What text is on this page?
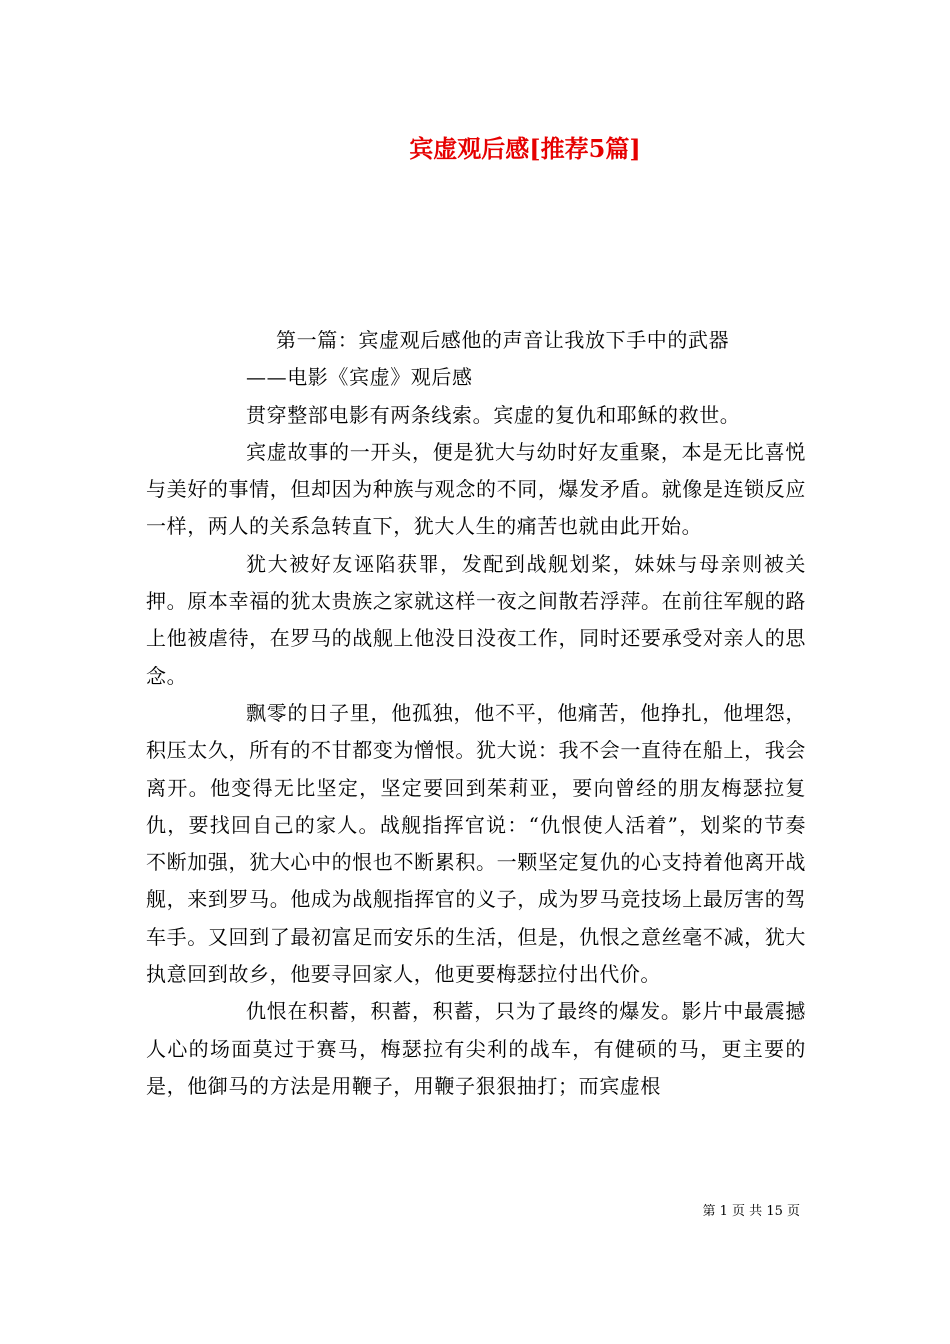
宾虚观后感[推荐5篇]

第一篇：宾虚观后感他的声音让我放下手中的武器

——电影《宾虚》观后感

贯穿整部电影有两条线索。宾虚的复仇和耶稣的救世。

宾虚故事的一开头，便是犹大与幼时好友重聚，本是无比喜悦与美好的事情，但却因为种族与观念的不同，爆发矛盾。就像是连锁反应一样，两人的关系急转直下，犹大人生的痛苦也就由此开始。

犹大被好友诬陷获罪，发配到战舰划桨，妹妹与母亲则被关押。原本幸福的犹太贵族之家就这样一夜之间散若浮萍。在前往军舰的路上他被虐待，在罗马的战舰上他没日没夜工作，同时还要承受对亲人的思念。

飘零的日子里，他孤独，他不平，他痛苦，他挣扎，他埋怨，积压太久，所有的不甘都变为憎恨。犹大说：我不会一直待在船上，我会离开。他变得无比坚定，坚定要回到茱莉亚，要向曾经的朋友梅瑟拉复仇，要找回自己的家人。战舰指挥官说：“仇恨使人活着”，划桨的节奏不断加强，犹大心中的恨也不断累积。一颗坚定复仇的心支持着他离开战舰，来到罗马。他成为战舰指挥官的义子，成为罗马竞技场上最厉害的驾车手。又回到了最初富足而安乐的生活，但是，仇恨之意丝毫不减，犹大执意回到故乡，他要寻回家人，他更要梅瑟拉付出代价。

仇恨在积蓄，积蓄，积蓄，只为了最终的爆发。影片中最震撼人心的场面莫过于赛马，梅瑟拉有尖利的战车，有健硕的马，更主要的是，他御马的方法是用鞭子，用鞭子狠狠抽打；而宾虚根

第 1 页 共 15 页
